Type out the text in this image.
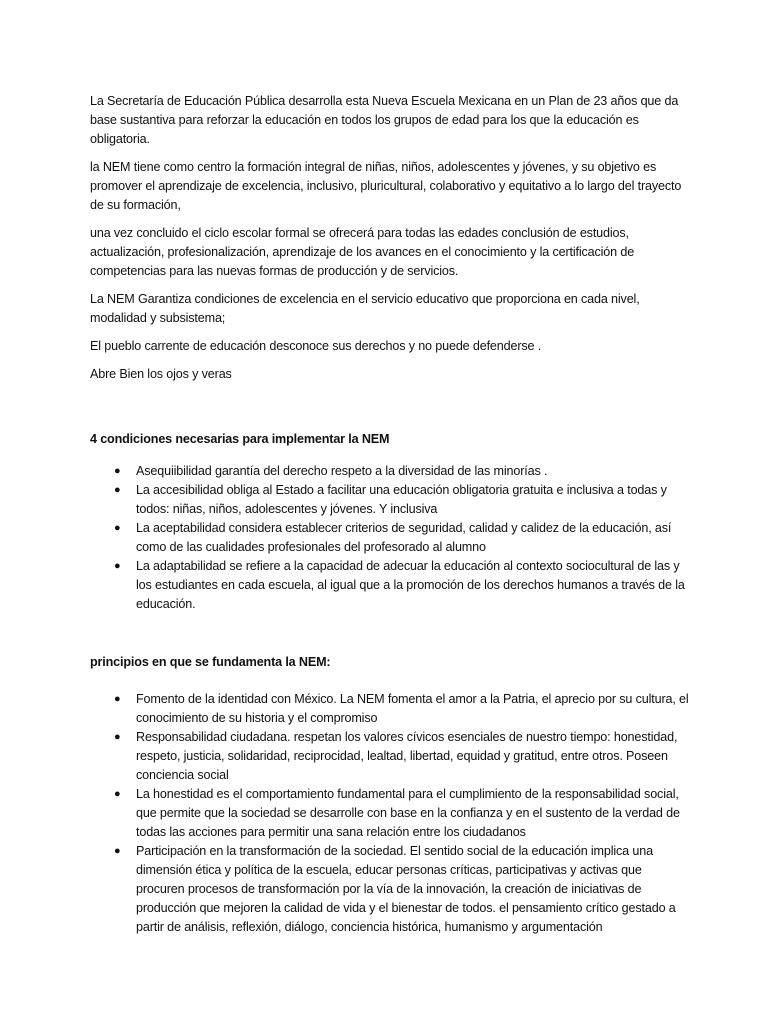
La Secretaría de Educación Pública desarrolla esta Nueva Escuela Mexicana en un Plan de 23 años que da base sustantiva para reforzar la educación en todos los grupos de edad para los que la educación es obligatoria.

la NEM tiene como centro la formación integral de niñas, niños, adolescentes y jóvenes, y su objetivo es promover el aprendizaje de excelencia, inclusivo, pluricultural, colaborativo y equitativo a lo largo del trayecto de su formación,

una vez concluido el ciclo escolar formal se ofrecerá para todas las edades conclusión de estudios, actualización, profesionalización, aprendizaje de los avances en el conocimiento y la certificación de competencias para las nuevas formas de producción y de servicios.

La NEM Garantiza condiciones de excelencia en el servicio educativo que proporciona en cada nivel, modalidad y subsistema;

El pueblo carrente de educación desconoce sus derechos y no puede defenderse .

Abre Bien los ojos y veras

4 condiciones necesarias para implementar la NEM

● Asequiibilidad garantía del derecho respeto a la diversidad de las minorías .
● La accesibilidad obliga al Estado a facilitar una educación obligatoria gratuita e inclusiva a todas y todos: niñas, niños, adolescentes y jóvenes. Y inclusiva
● La aceptabilidad considera establecer criterios de seguridad, calidad y calidez de la educación, así como de las cualidades profesionales del profesorado al alumno
● La adaptabilidad se refiere a la capacidad de adecuar la educación al contexto sociocultural de las y los estudiantes en cada escuela, al igual que a la promoción de los derechos humanos a través de la educación.

principios en que se fundamenta la NEM:

● Fomento de la identidad con México. La NEM fomenta el amor a la Patria, el aprecio por su cultura, el conocimiento de su historia y el compromiso
● Responsabilidad ciudadana. respetan los valores cívicos esenciales de nuestro tiempo: honestidad, respeto, justicia, solidaridad, reciprocidad, lealtad, libertad, equidad y gratitud, entre otros. Poseen conciencia social
● La honestidad es el comportamiento fundamental para el cumplimiento de la responsabilidad social, que permite que la sociedad se desarrolle con base en la confianza y en el sustento de la verdad de todas las acciones para permitir una sana relación entre los ciudadanos
● Participación en la transformación de la sociedad. El sentido social de la educación implica una dimensión ética y política de la escuela, educar personas críticas, participativas y activas que procuren procesos de transformación por la vía de la innovación, la creación de iniciativas de producción que mejoren la calidad de vida y el bienestar de todos. el pensamiento crítico gestado a partir de análisis, reflexión, diálogo, conciencia histórica, humanismo y argumentación
